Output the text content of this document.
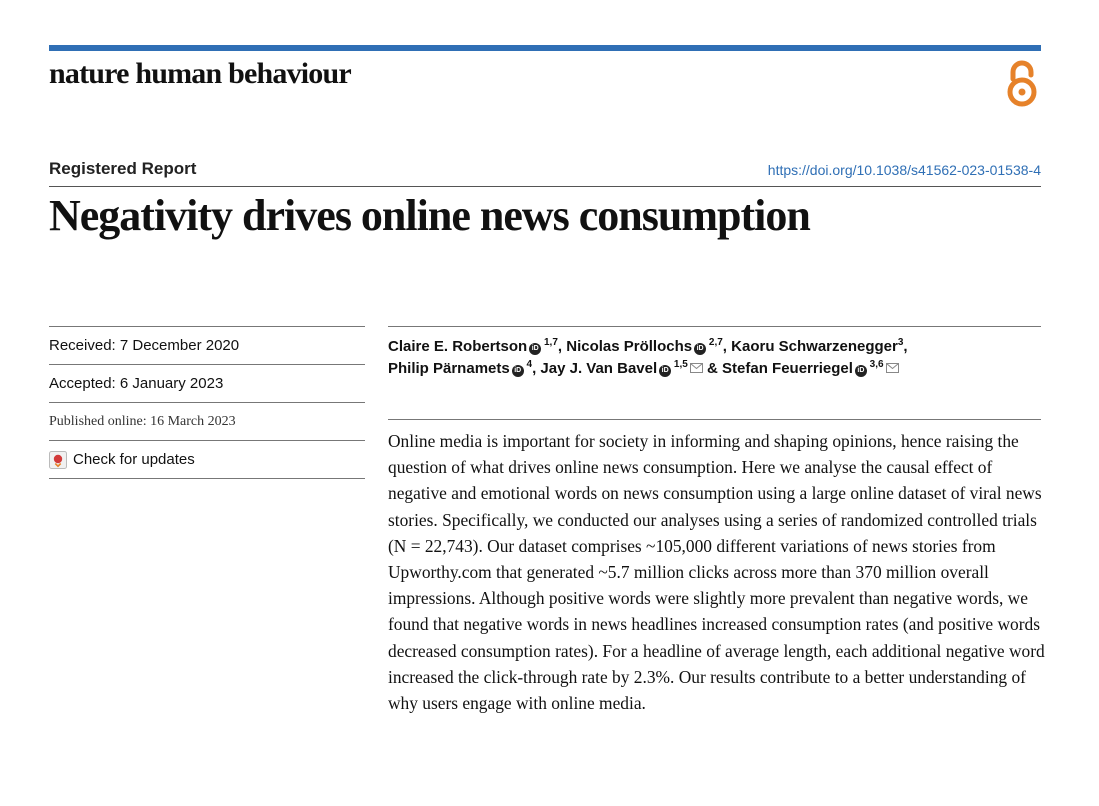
nature human behaviour
Registered Report	https://doi.org/10.1038/s41562-023-01538-4
Negativity drives online news consumption
Received: 7 December 2020
Accepted: 6 January 2023
Published online: 16 March 2023
Check for updates

Claire E. Robertson iD $^{1,7}$, Nicolas Pröllochs iD $^{2,7}$, Kaoru Schwarzenegger$^3$,
Philip Pärnamets iD $^4$, Jay J. Van Bavel iD $^{1,5}$ & Stefan Feuerriegel iD $^{3,6}$

Online media is important for society in informing and shaping opinions, hence raising the question of what drives online news consumption. Here we analyse the causal effect of negative and emotional words on news consumption using a large online dataset of viral news stories. Specifically, we conducted our analyses using a series of randomized controlled trials (N = 22,743). Our dataset comprises ~105,000 different variations of news stories from Upworthy.com that generated ~5.7 million clicks across more than 370 million overall impressions. Although positive words were slightly more prevalent than negative words, we found that negative words in news headlines increased consumption rates (and positive words decreased consumption rates). For a headline of average length, each additional negative word increased the click-through rate by 2.3%. Our results contribute to a better understanding of why users engage with online media.
